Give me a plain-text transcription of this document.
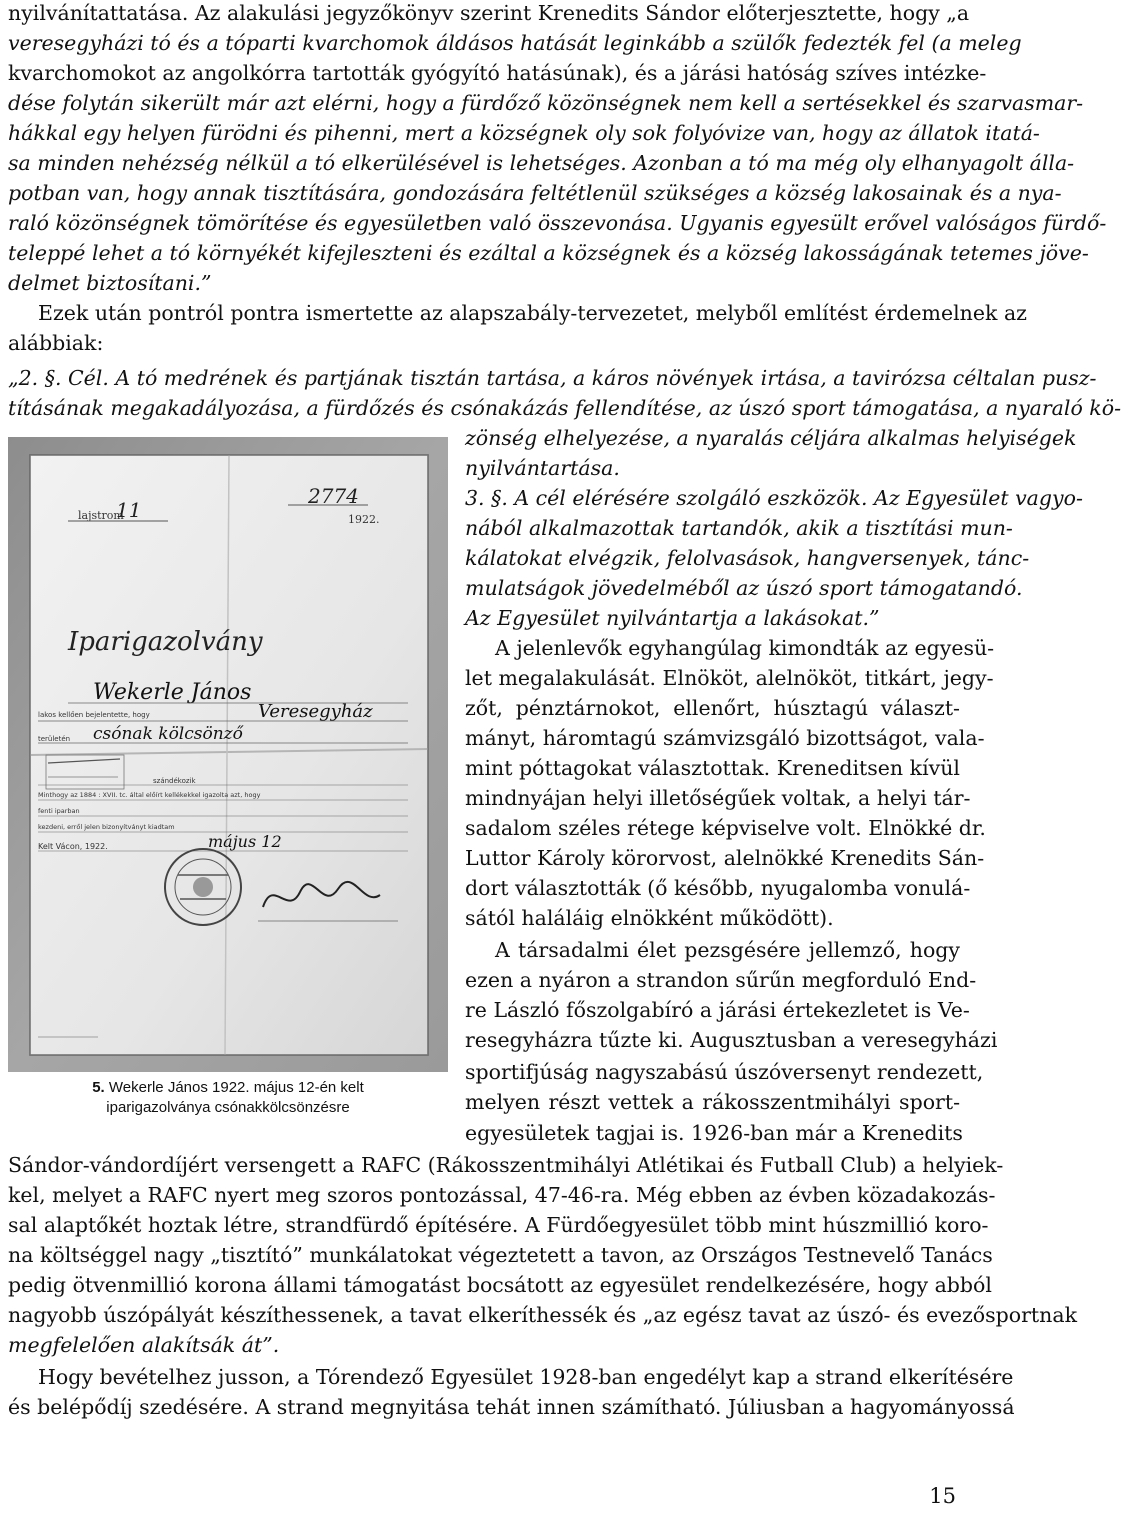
nyilvánítattatása. Az alakulási jegyzőkönyv szerint Krenedits Sándor előterjesztette, hogy „a
veresegyházi tó és a tóparti kvarchomok áldásos hatását leginkább a szülők fedezték fel (a meleg
kvarchomokot az angolkórra tartották gyógyító hatásúnak), és a járási hatóság szíves intézke-
dése folytán sikerült már azt elérni, hogy a fürdőző közönségnek nem kell a sertésekkel és szarvasmar-
hákkal egy helyen fürödni és pihenni, mert a községnek oly sok folyóvize van, hogy az állatok itatá-
sa minden nehézség nélkül a tó elkerülésével is lehetséges. Azonban a tó ma még oly elhanyagolt álla-
potban van, hogy annak tisztítására, gondozására feltétlenül szükséges a község lakosainak és a nya-
raló közönségnek tömörítése és egyesületben való összevonása. Ugyanis egyesült erővel valóságos fürdő-
teleppé lehet a tó környékét kifejleszteni és ezáltal a községnek és a község lakosságának tetemes jöve-
delmet biztosítani.”
Ezek után pontról pontra ismertette az alapszabály-tervezetet, melyből említést érdemelnek az
alábbiak:
„2. §. Cél. A tó medrének és partjának tisztán tartása, a káros növények irtása, a tavirózsa céltalan pusz-
tításának megakadályozása, a fürdőzés és csónakázás fellendítése, az úszó sport támogatása, a nyaraló kö-
lajstrom
11
2774
1922.
Iparigazolvány
Wekerle János
lakos kellően bejelentette, hogy	Veresegyház
területén csónak kölcsönző
szándékozik
Minthogy az 1884 : XVII. tc. által előírt kellékekkel igazolta azt, hogy
fenti iparban
kezdeni, erről jelen bizonyítványt kiadtam
Kelt Vácon, 1922.	május 12
5. Wekerle János 1922. május 12-én kelt
iparigazolványa csónakkölcsönzésre
zönség elhelyezése, a nyaralás céljára alkalmas helyiségek
nyilvántartása.
3. §. A cél elérésére szolgáló eszközök. Az Egyesület vagyo-
nából alkalmazottak tartandók, akik a tisztítási mun-
kálatokat elvégzik, felolvasások, hangversenyek, tánc-
mulatságok jövedelméből az úszó sport támogatandó.
Az Egyesület nyilvántartja a lakásokat.”
A jelenlevők egyhangúlag kimondták az egyesü-
let megalakulását. Elnököt, alelnököt, titkárt, jegy-
zőt, pénztárnokot, ellenőrt, húsztagú választ-
mányt, háromtagú számvizsgáló bizottságot, vala-
mint póttagokat választottak. Kreneditsen kívül
mindnyájan helyi illetőségűek voltak, a helyi tár-
sadalom széles rétege képviselve volt. Elnökké dr.
Luttor Károly körorvost, alelnökké Krenedits Sán-
dort választották (ő később, nyugalomba vonulá-
sától haláláig elnökként működött).
A társadalmi élet pezsgésére jellemző, hogy
ezen a nyáron a strandon sűrűn megforduló End-
re László főszolgabíró a járási értekezletet is Ve-
resegyházra tűzte ki. Augusztusban a veresegyházi
sportifjúság nagyszabású úszóversenyt rendezett,
melyen részt vettek a rákosszentmihályi sport-
egyesületek tagjai is. 1926-ban már a Krenedits
Sándor-vándordíjért versengett a RAFC (Rákosszentmihályi Atlétikai és Futball Club) a helyiek-
kel, melyet a RAFC nyert meg szoros pontozással, 47-46-ra. Még ebben az évben közadakozás-
sal alaptőkét hoztak létre, strandfürdő építésére. A Fürdőegyesület több mint húszmillió koro-
na költséggel nagy „tisztító” munkálatokat végeztetett a tavon, az Országos Testnevelő Tanács
pedig ötvenmillió korona állami támogatást bocsátott az egyesület rendelkezésére, hogy abból
nagyobb úszópályát készíthessenek, a tavat elkeríthessék és „az egész tavat az úszó- és evezősportnak
megfelelően alakítsák át”.
Hogy bevételhez jusson, a Tórendező Egyesület 1928-ban engedélyt kap a strand elkerítésére
és belépődíj szedésére. A strand megnyitása tehát innen számítható. Júliusban a hagyományossá
15
